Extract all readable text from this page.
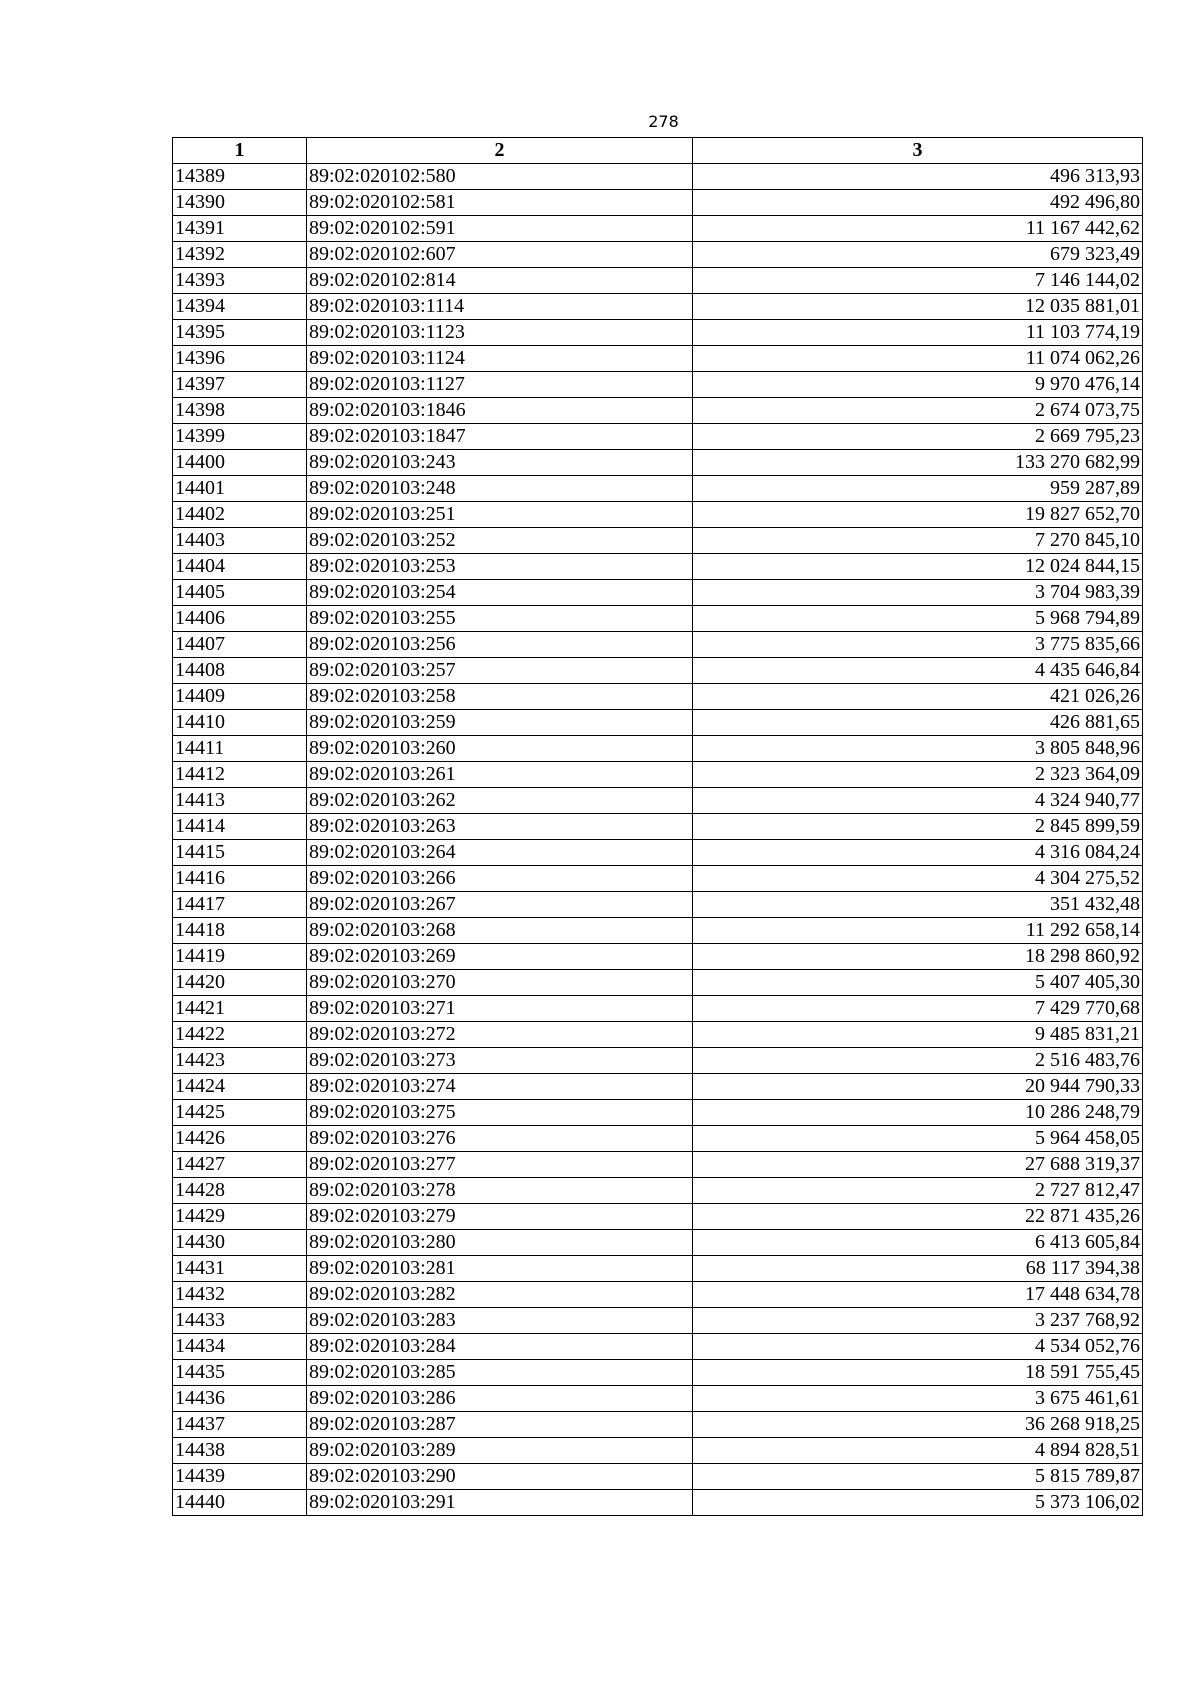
278
1	2	3
14389	89:02:020102:580	496 313,93
14390	89:02:020102:581	492 496,80
14391	89:02:020102:591	11 167 442,62
14392	89:02:020102:607	679 323,49
14393	89:02:020102:814	7 146 144,02
14394	89:02:020103:1114	12 035 881,01
14395	89:02:020103:1123	11 103 774,19
14396	89:02:020103:1124	11 074 062,26
14397	89:02:020103:1127	9 970 476,14
14398	89:02:020103:1846	2 674 073,75
14399	89:02:020103:1847	2 669 795,23
14400	89:02:020103:243	133 270 682,99
14401	89:02:020103:248	959 287,89
14402	89:02:020103:251	19 827 652,70
14403	89:02:020103:252	7 270 845,10
14404	89:02:020103:253	12 024 844,15
14405	89:02:020103:254	3 704 983,39
14406	89:02:020103:255	5 968 794,89
14407	89:02:020103:256	3 775 835,66
14408	89:02:020103:257	4 435 646,84
14409	89:02:020103:258	421 026,26
14410	89:02:020103:259	426 881,65
14411	89:02:020103:260	3 805 848,96
14412	89:02:020103:261	2 323 364,09
14413	89:02:020103:262	4 324 940,77
14414	89:02:020103:263	2 845 899,59
14415	89:02:020103:264	4 316 084,24
14416	89:02:020103:266	4 304 275,52
14417	89:02:020103:267	351 432,48
14418	89:02:020103:268	11 292 658,14
14419	89:02:020103:269	18 298 860,92
14420	89:02:020103:270	5 407 405,30
14421	89:02:020103:271	7 429 770,68
14422	89:02:020103:272	9 485 831,21
14423	89:02:020103:273	2 516 483,76
14424	89:02:020103:274	20 944 790,33
14425	89:02:020103:275	10 286 248,79
14426	89:02:020103:276	5 964 458,05
14427	89:02:020103:277	27 688 319,37
14428	89:02:020103:278	2 727 812,47
14429	89:02:020103:279	22 871 435,26
14430	89:02:020103:280	6 413 605,84
14431	89:02:020103:281	68 117 394,38
14432	89:02:020103:282	17 448 634,78
14433	89:02:020103:283	3 237 768,92
14434	89:02:020103:284	4 534 052,76
14435	89:02:020103:285	18 591 755,45
14436	89:02:020103:286	3 675 461,61
14437	89:02:020103:287	36 268 918,25
14438	89:02:020103:289	4 894 828,51
14439	89:02:020103:290	5 815 789,87
14440	89:02:020103:291	5 373 106,02
